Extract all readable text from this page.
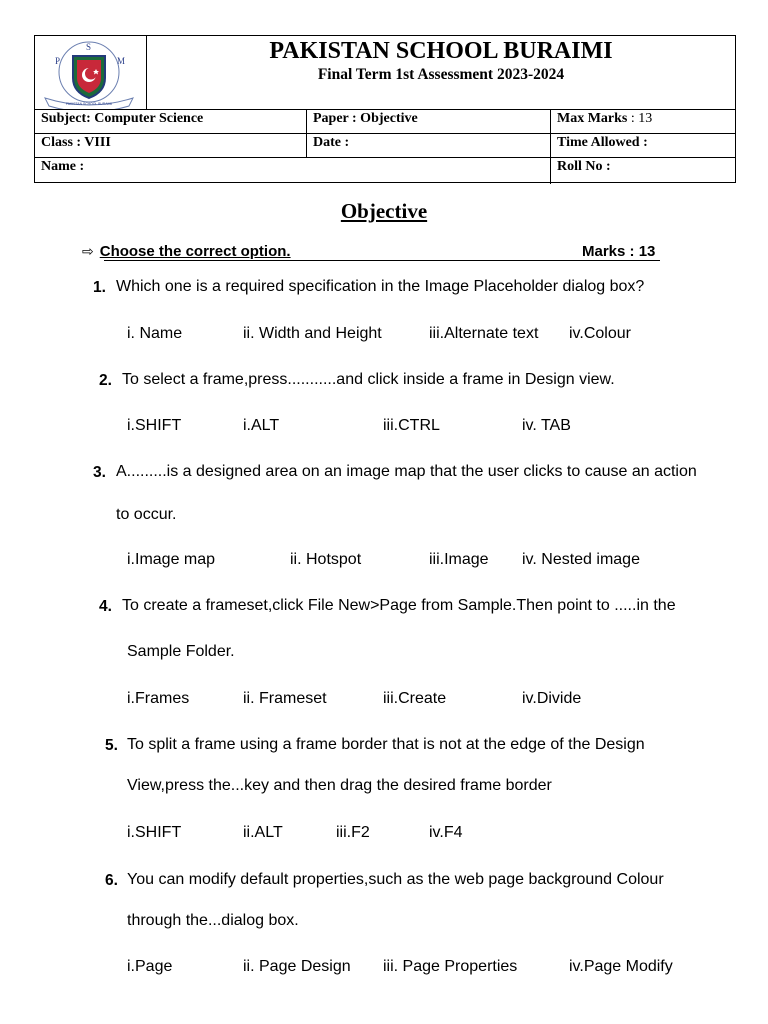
P
S
M
PAKISTAN SCHOOL BURAIMI
PAKISTAN SCHOOL BURAIMI
Final Term 1st Assessment 2023-2024
Subject: Computer Science	Paper : Objective	Max Marks : 13
Class : VIII	Date :	Time Allowed :
Name :	Roll No :
Objective
⇨ Choose the correct option.	Marks : 13
1. Which one is a required specification in the Image Placeholder dialog box?
i. Name	ii. Width and Height	iii.Alternate text iv.Colour
2. To select a frame,press...........and click inside a frame in Design view.
i.SHIFT	i.ALT	iii.CTRL	iv. TAB
3. A.........is a designed area on an image map that the user clicks to cause an action
to occur.
i.Image map	ii. Hotspot	iii.Image iv. Nested image
4. To create a frameset,click File New>Page from Sample.Then point to .....in the
Sample Folder.
i.Frames	ii. Frameset	iii.Create	iv.Divide
5. To split a frame using a frame border that is not at the edge of the Design
View,press the...key and then drag the desired frame border
i.SHIFT	ii.ALT	iii.F2	iv.F4
6. You can modify default properties,such as the web page background Colour
through the...dialog box.
i.Page	ii. Page Design iii. Page Properties	iv.Page Modify
